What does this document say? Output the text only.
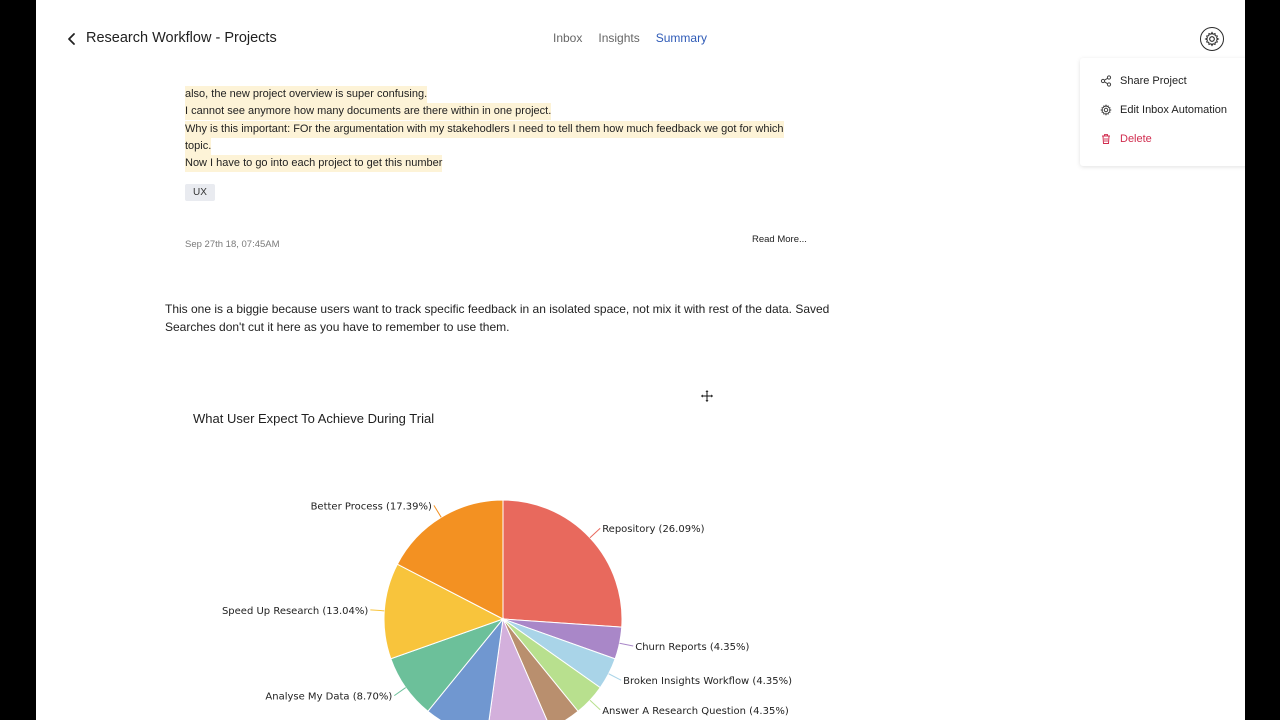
Research Workflow - Projects	Inbox Insights Summary
Share Project
Edit Inbox Automation
Delete
also, the new project overview is super confusing.
I cannot see anymore how many documents are there within in one project.
Why is this important: FOr the argumentation with my stakehodlers I need to tell them how much feedback we got for which
topic.
Now I have to go into each project to get this number
UX
Sep 27th 18, 07:45AM	Read More...
This one is a biggie because users want to track specific feedback in an isolated space, not mix it with rest of the data. Saved Searches don't cut it here as you have to remember to use them.
What User Expect To Achieve During Trial
Repository (26.09%)
Churn Reports (4.35%)
Broken Insights Workflow (4.35%)
Answer A Research Question (4.35%)
Analyse My Data (8.70%)
Speed Up Research (13.04%)
Better Process (17.39%)
